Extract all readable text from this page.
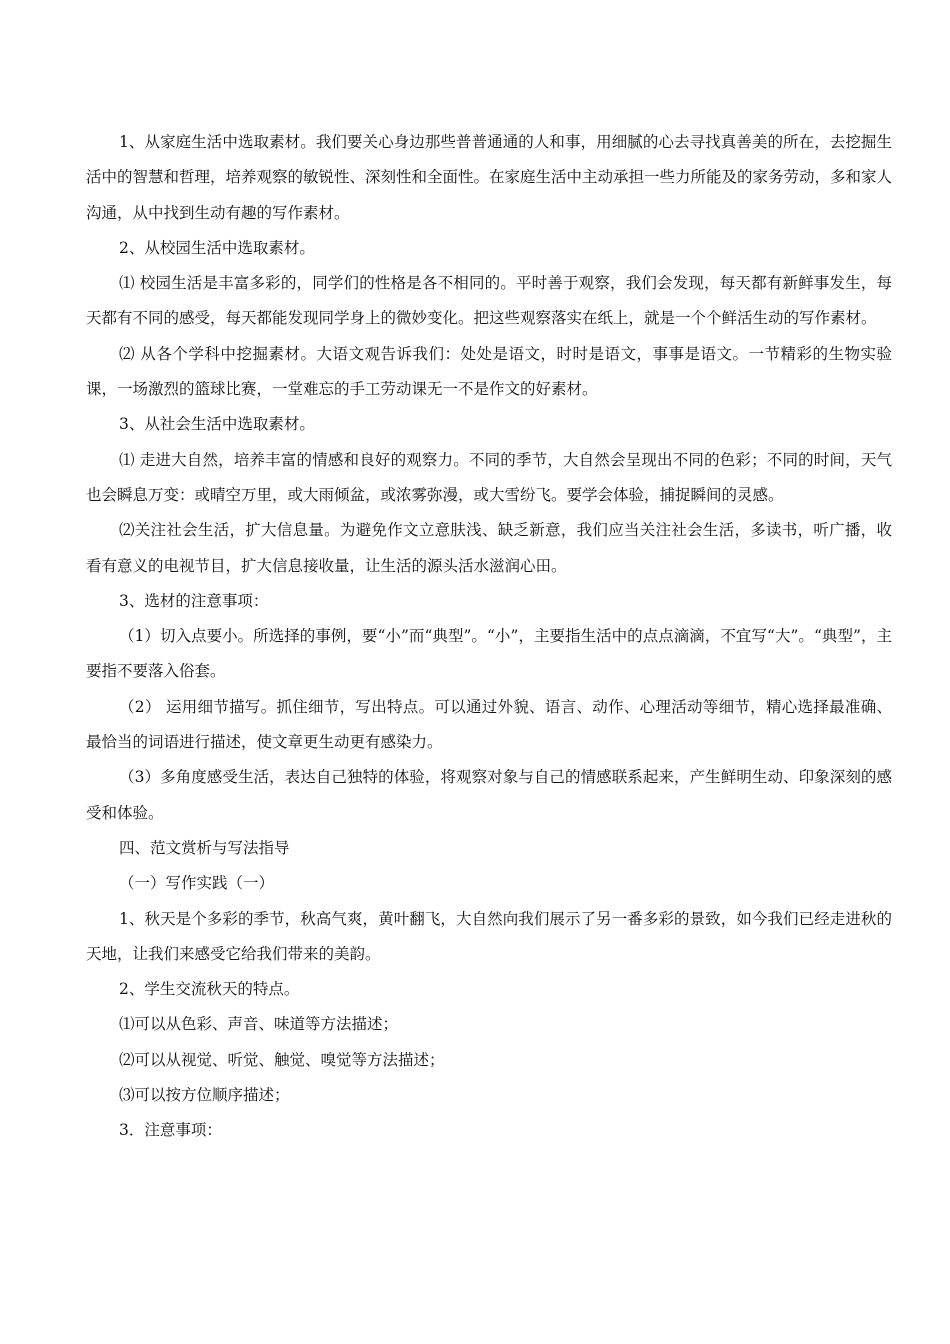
1、从家庭生活中选取素材。我们要关心身边那些普普通通的人和事，用细腻的心去寻找真善美的所在，去挖掘生活中的智慧和哲理，培养观察的敏锐性、深刻性和全面性。在家庭生活中主动承担一些力所能及的家务劳动，多和家人沟通，从中找到生动有趣的写作素材。

2、从校园生活中选取素材。

⑴ 校园生活是丰富多彩的，同学们的性格是各不相同的。平时善于观察，我们会发现，每天都有新鲜事发生，每天都有不同的感受，每天都能发现同学身上的微妙变化。把这些观察落实在纸上，就是一个个鲜活生动的写作素材。

⑵ 从各个学科中挖掘素材。大语文观告诉我们：处处是语文，时时是语文，事事是语文。一节精彩的生物实验课，一场激烈的篮球比赛，一堂难忘的手工劳动课无一不是作文的好素材。

3、从社会生活中选取素材。

⑴ 走进大自然，培养丰富的情感和良好的观察力。不同的季节，大自然会呈现出不同的色彩；不同的时间，天气也会瞬息万变：或晴空万里，或大雨倾盆，或浓雾弥漫，或大雪纷飞。要学会体验，捕捉瞬间的灵感。

⑵关注社会生活，扩大信息量。为避免作文立意肤浅、缺乏新意，我们应当关注社会生活，多读书，听广播，收看有意义的电视节目，扩大信息接收量，让生活的源头活水滋润心田。

3、选材的注意事项：

（1）切入点要小。所选择的事例，要“小”而“典型”。“小”，主要指生活中的点点滴滴，不宜写“大”。“典型”，主要指不要落入俗套。

（2） 运用细节描写。抓住细节，写出特点。可以通过外貌、语言、动作、心理活动等细节，精心选择最准确、最恰当的词语进行描述，使文章更生动更有感染力。

（3）多角度感受生活，表达自己独特的体验，将观察对象与自己的情感联系起来，产生鲜明生动、印象深刻的感受和体验。

四、范文赏析与写法指导

（一）写作实践（一）

1、秋天是个多彩的季节，秋高气爽，黄叶翻飞，大自然向我们展示了另一番多彩的景致，如今我们已经走进秋的天地，让我们来感受它给我们带来的美韵。

2、学生交流秋天的特点。

⑴可以从色彩、声音、味道等方法描述；

⑵可以从视觉、听觉、触觉、嗅觉等方法描述；

⑶可以按方位顺序描述；

3．注意事项：
